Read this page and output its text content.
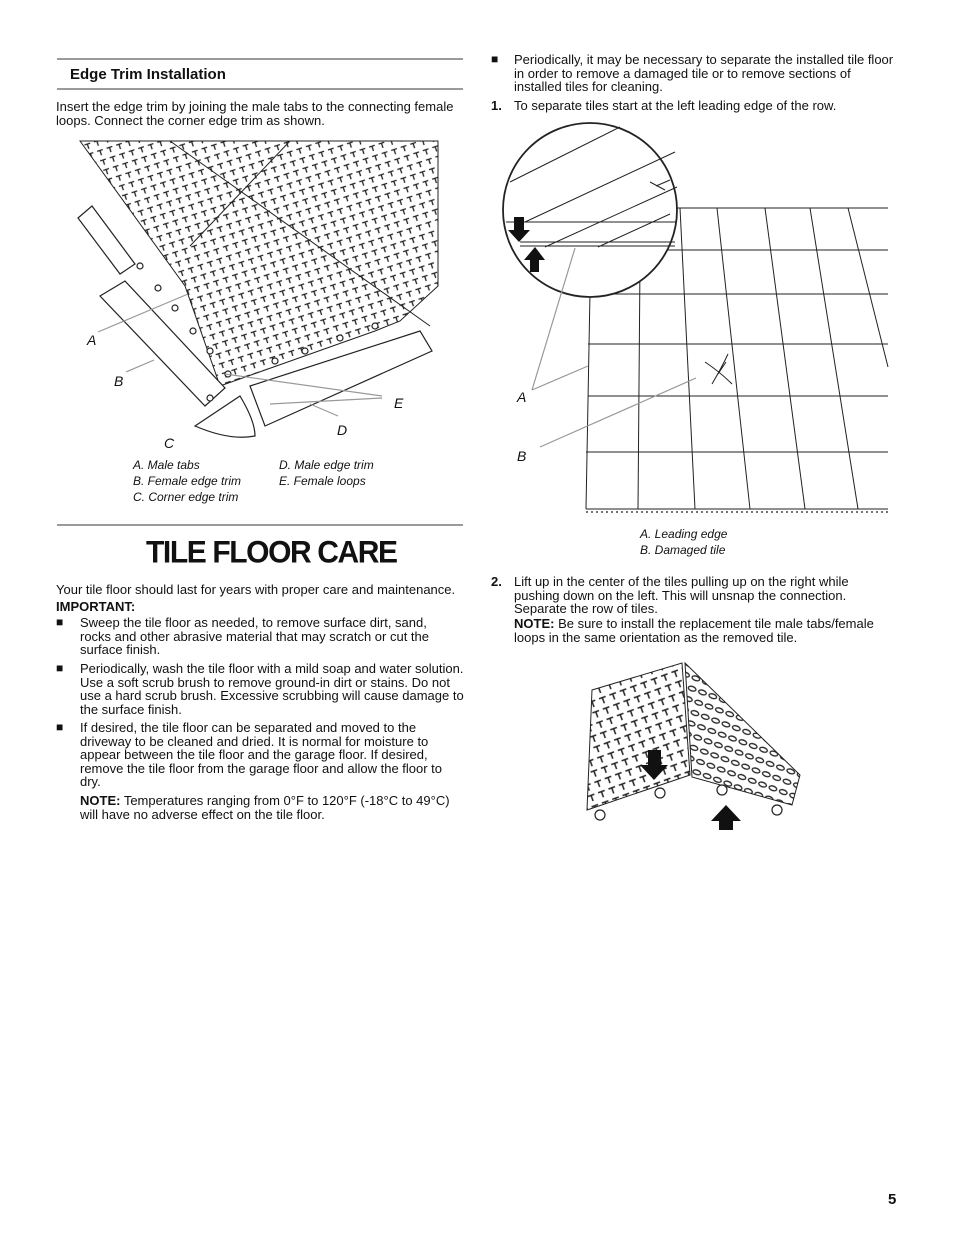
Edge Trim Installation

Insert the edge trim by joining the male tabs to the connecting female loops. Connect the corner edge trim as shown.

A
B
C
D
E
A. Male tabs
B. Female edge trim
C. Corner edge trim
D. Male edge trim
E. Female loops
TILE FLOOR CARE

Your tile floor should last for years with proper care and maintenance.

IMPORTANT:

■ Sweep the tile floor as needed, to remove surface dirt, sand, rocks and other abrasive material that may scratch or cut the surface finish.

■ Periodically, wash the tile floor with a mild soap and water solution. Use a soft scrub brush to remove ground-in dirt or stains. Do not use a hard scrub brush. Excessive scrubbing will cause damage to the surface finish.

■ If desired, the tile floor can be separated and moved to the driveway to be cleaned and dried. It is normal for moisture to appear between the tile floor and the garage floor. If desired, remove the tile floor from the garage floor and allow the floor to dry.

NOTE: Temperatures ranging from 0°F to 120°F (-18°C to 49°C) will have no adverse effect on the tile floor.

■ Periodically, it may be necessary to separate the installed tile floor in order to remove a damaged tile or to remove sections of installed tiles for cleaning.

1. To separate tiles start at the left leading edge of the row.

A
B
A. Leading edge
B. Damaged tile
2. Lift up in the center of the tiles pulling up on the right while pushing down on the left. This will unsnap the connection. Separate the row of tiles.

NOTE: Be sure to install the replacement tile male tabs/female loops in the same orientation as the removed tile.

5
